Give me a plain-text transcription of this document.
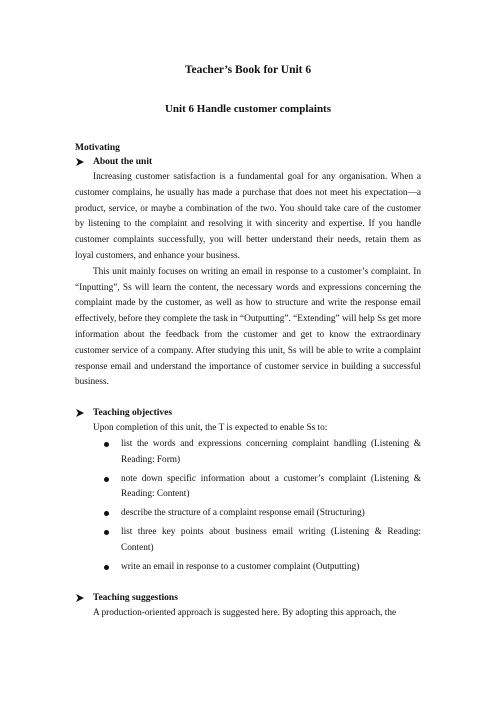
Teacher’s Book for Unit 6
Unit 6 Handle customer complaints
Motivating
About the unit

Increasing customer satisfaction is a fundamental goal for any organisation. When a customer complains, he usually has made a purchase that does not meet his expectation—a product, service, or maybe a combination of the two. You should take care of the customer by listening to the complaint and resolving it with sincerity and expertise. If you handle customer complaints successfully, you will better understand their needs, retain them as loyal customers, and enhance your business.

This unit mainly focuses on writing an email in response to a customer’s complaint. In “Inputting”, Ss will learn the content, the necessary words and expressions concerning the complaint made by the customer, as well as how to structure and write the response email effectively, before they complete the task in “Outputting”. “Extending” will help Ss get more information about the feedback from the customer and get to know the extraordinary customer service of a company. After studying this unit, Ss will be able to write a complaint response email and understand the importance of customer service in building a successful business.

Teaching objectives

Upon completion of this unit, the T is expected to enable Ss to:

list the words and expressions concerning complaint handling (Listening & Reading: Form)
note down specific information about a customer’s complaint (Listening & Reading: Content)
describe the structure of a complaint response email (Structuring)
list three key points about business email writing (Listening & Reading: Content)
write an email in response to a customer complaint (Outputting)
Teaching suggestions

A production-oriented approach is suggested here. By adopting this approach, the
